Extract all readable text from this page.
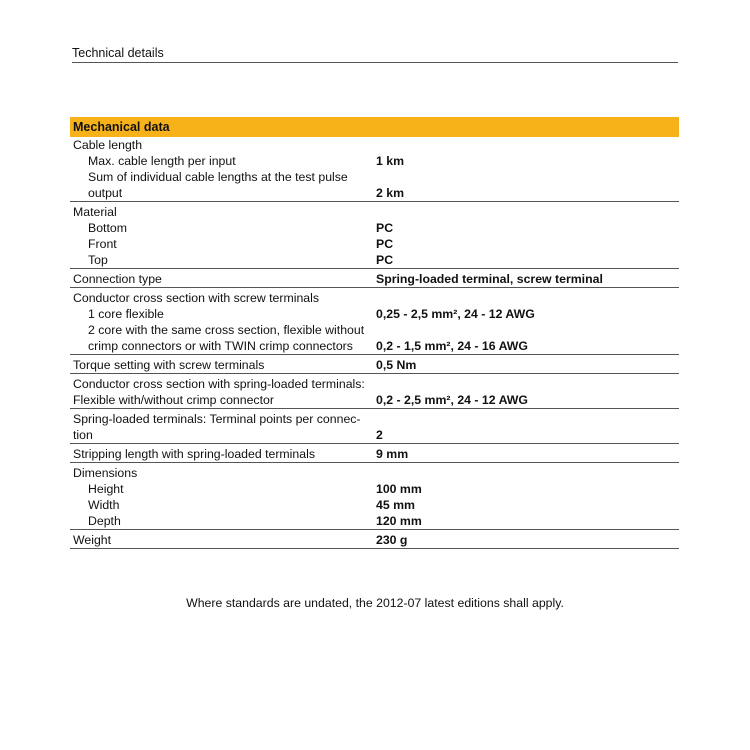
Technical details
Mechanical data
Cable length
Max. cable length per input	1 km
Sum of individual cable lengths at the test pulse output	2 km
Material
Bottom	PC
Front	PC
Top	PC
Connection type	Spring-loaded terminal, screw terminal
Conductor cross section with screw terminals
1 core flexible	0,25 - 2,5 mm², 24 - 12 AWG
2 core with the same cross section, flexible without crimp connectors or with TWIN crimp connectors	0,2 - 1,5 mm², 24 - 16 AWG
Torque setting with screw terminals	0,5 Nm
Conductor cross section with spring-loaded terminals: Flexible with/without crimp connector	0,2 - 2,5 mm², 24 - 12 AWG
Spring-loaded terminals: Terminal points per connec-tion	2
Stripping length with spring-loaded terminals	9 mm
Dimensions
Height	100 mm
Width	45 mm
Depth	120 mm
Weight	230 g
Where standards are undated, the 2012-07 latest editions shall apply.
